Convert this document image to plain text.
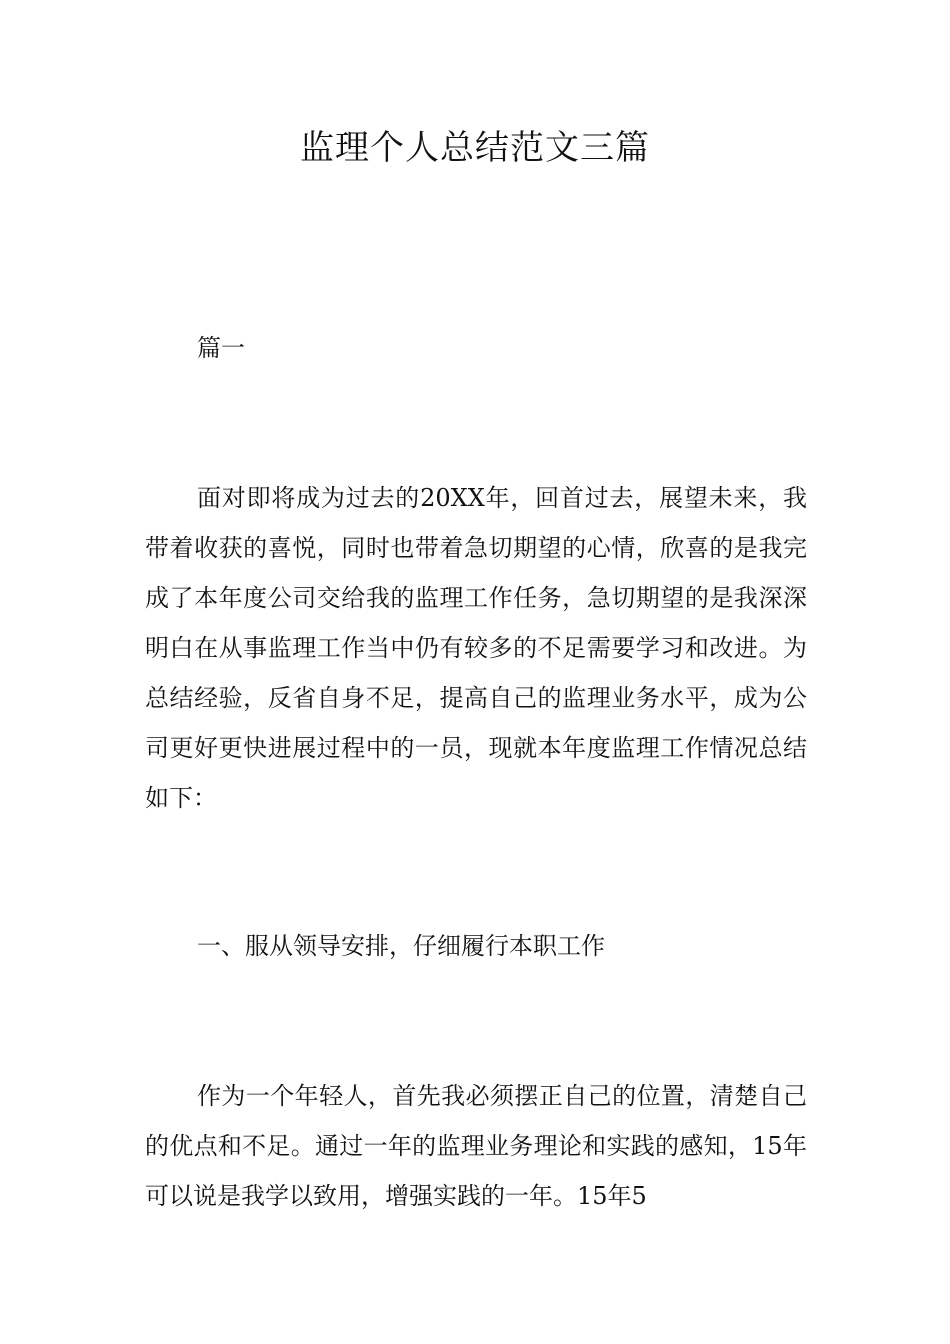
监理个人总结范文三篇
篇一
面对即将成为过去的20XX年，回首过去，展望未来，我带着收获的喜悦，同时也带着急切期望的心情，欣喜的是我完成了本年度公司交给我的监理工作任务，急切期望的是我深深明白在从事监理工作当中仍有较多的不足需要学习和改进。为总结经验，反省自身不足，提高自己的监理业务水平，成为公司更好更快进展过程中的一员，现就本年度监理工作情况总结如下：
一、服从领导安排，仔细履行本职工作
作为一个年轻人，首先我必须摆正自己的位置，清楚自己的优点和不足。通过一年的监理业务理论和实践的感知，15年可以说是我学以致用，增强实践的一年。15年5
